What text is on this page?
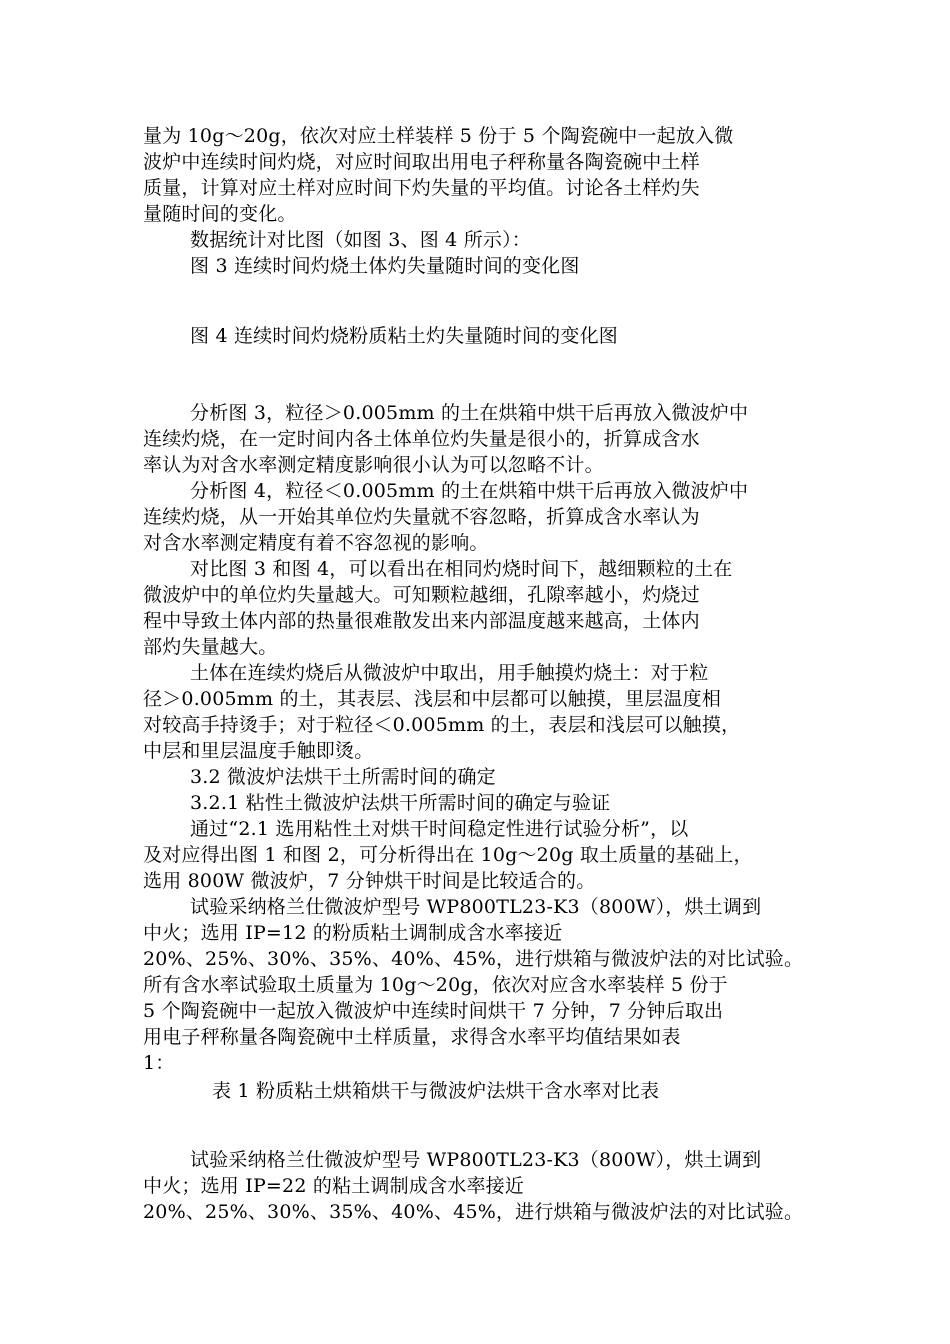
量为 10g～20g，依次对应土样装样 5 份于 5 个陶瓷碗中一起放入微
波炉中连续时间灼烧，对应时间取出用电子秤称量各陶瓷碗中土样
质量，计算对应土样对应时间下灼失量的平均值。讨论各土样灼失
量随时间的变化。
数据统计对比图（如图 3、图 4 所示）：
图 3 连续时间灼烧土体灼失量随时间的变化图
图 4 连续时间灼烧粉质粘土灼失量随时间的变化图
分析图 3，粒径＞0.005mm 的土在烘箱中烘干后再放入微波炉中
连续灼烧，在一定时间内各土体单位灼失量是很小的，折算成含水
率认为对含水率测定精度影响很小认为可以忽略不计。
分析图 4，粒径＜0.005mm 的土在烘箱中烘干后再放入微波炉中
连续灼烧，从一开始其单位灼失量就不容忽略，折算成含水率认为
对含水率测定精度有着不容忽视的影响。
对比图 3 和图 4，可以看出在相同灼烧时间下，越细颗粒的土在
微波炉中的单位灼失量越大。可知颗粒越细，孔隙率越小，灼烧过
程中导致土体内部的热量很难散发出来内部温度越来越高，土体内
部灼失量越大。
土体在连续灼烧后从微波炉中取出，用手触摸灼烧土：对于粒
径＞0.005mm 的土，其表层、浅层和中层都可以触摸，里层温度相
对较高手持烫手；对于粒径＜0.005mm 的土，表层和浅层可以触摸，
中层和里层温度手触即烫。
3.2 微波炉法烘干土所需时间的确定
3.2.1 粘性土微波炉法烘干所需时间的确定与验证
通过“2.1 选用粘性土对烘干时间稳定性进行试验分析”，以
及对应得出图 1 和图 2，可分析得出在 10g～20g 取土质量的基础上，
选用 800W 微波炉，7 分钟烘干时间是比较适合的。
试验采纳格兰仕微波炉型号 WP800TL23-K3（800W），烘土调到
中火；选用 IP=12 的粉质粘土调制成含水率接近
20%、25%、30%、35%、40%、45%，进行烘箱与微波炉法的对比试验。
所有含水率试验取土质量为 10g～20g，依次对应含水率装样 5 份于
5 个陶瓷碗中一起放入微波炉中连续时间烘干 7 分钟，7 分钟后取出
用电子秤称量各陶瓷碗中土样质量，求得含水率平均值结果如表
1：
表 1 粉质粘土烘箱烘干与微波炉法烘干含水率对比表
试验采纳格兰仕微波炉型号 WP800TL23-K3（800W），烘土调到
中火；选用 IP=22 的粘土调制成含水率接近
20%、25%、30%、35%、40%、45%，进行烘箱与微波炉法的对比试验。
